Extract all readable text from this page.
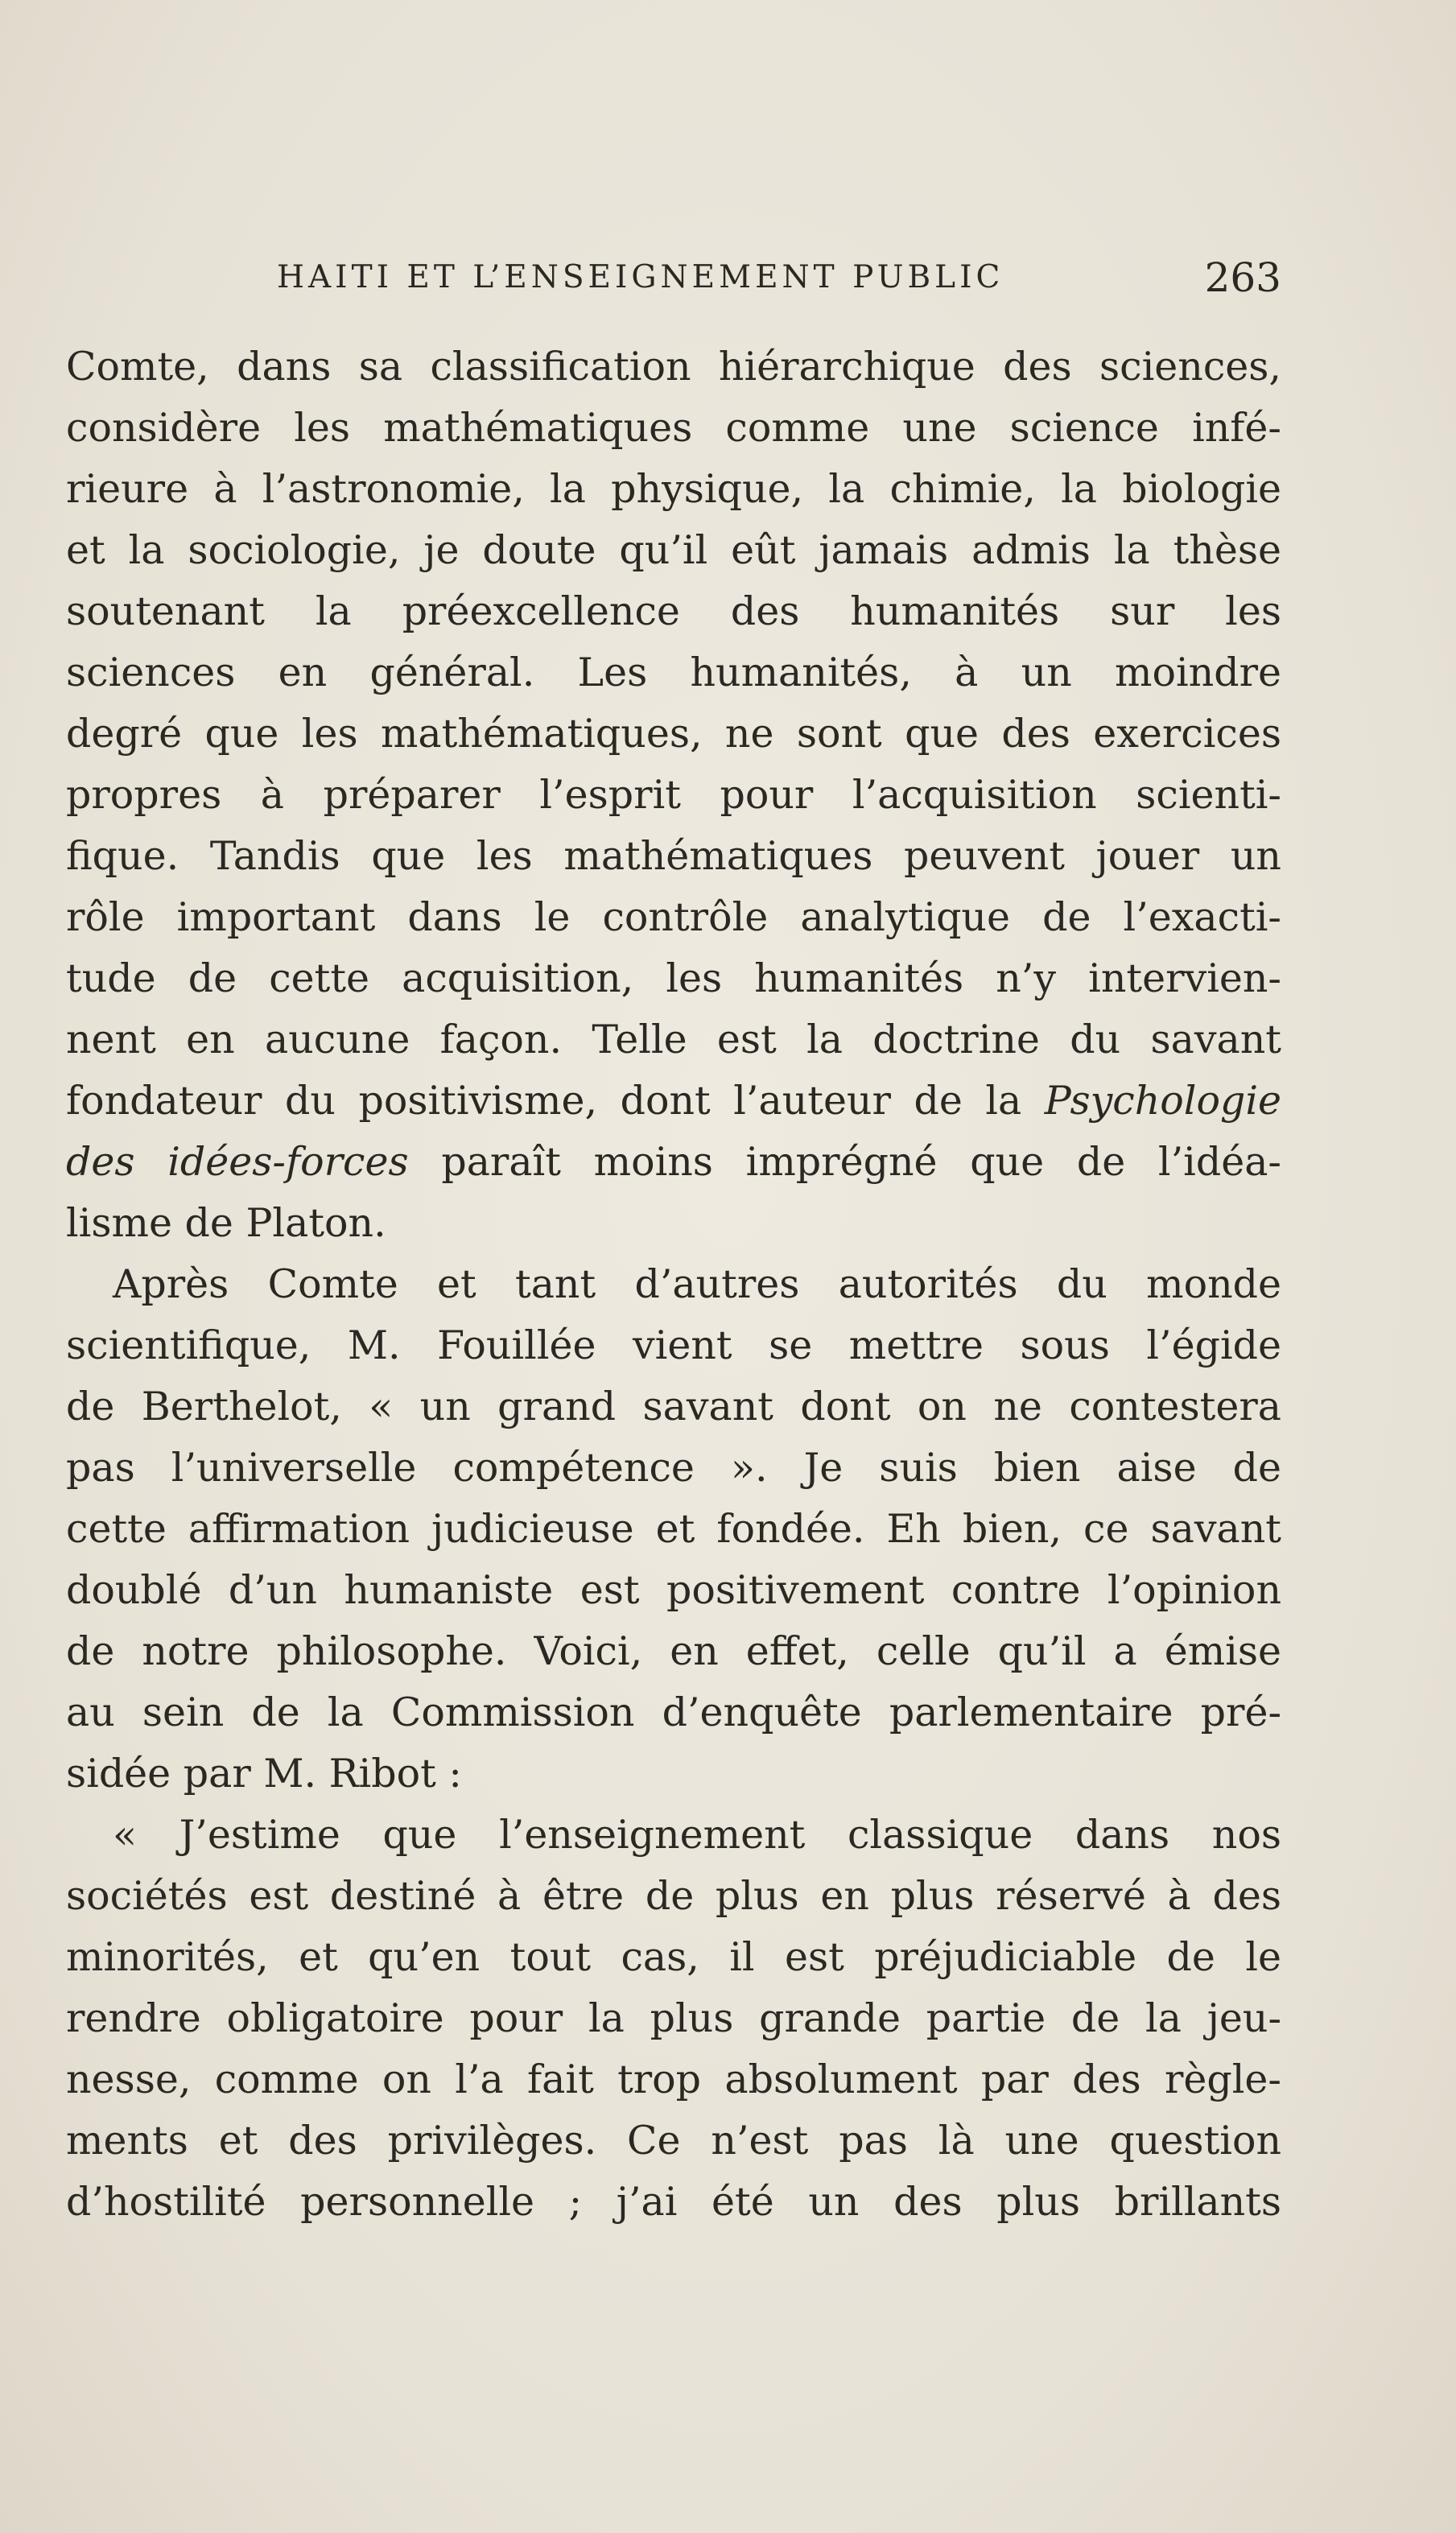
HAITI ET L’ENSEIGNEMENT PUBLIC	263
Comte, dans sa classification hiérarchique des sciences,
considère les mathématiques comme une science infé-
rieure à l’astronomie, la physique, la chimie, la biologie
et la sociologie, je doute qu’il eût jamais admis la thèse
soutenant la préexcellence des humanités sur les
sciences en général. Les humanités, à un moindre
degré que les mathématiques, ne sont que des exercices
propres à préparer l’esprit pour l’acquisition scienti-
fique. Tandis que les mathématiques peuvent jouer un
rôle important dans le contrôle analytique de l’exacti-
tude de cette acquisition, les humanités n’y intervien-
nent en aucune façon. Telle est la doctrine du savant
fondateur du positivisme, dont l’auteur de la Psychologie
des idées-forces paraît moins imprégné que de l’idéa-
lisme de Platon.
Après Comte et tant d’autres autorités du monde
scientifique, M. Fouillée vient se mettre sous l’égide
de Berthelot, « un grand savant dont on ne contestera
pas l’universelle compétence ». Je suis bien aise de
cette affirmation judicieuse et fondée. Eh bien, ce savant
doublé d’un humaniste est positivement contre l’opinion
de notre philosophe. Voici, en effet, celle qu’il a émise
au sein de la Commission d’enquête parlementaire pré-
sidée par M. Ribot :
« J’estime que l’enseignement classique dans nos
sociétés est destiné à être de plus en plus réservé à des
minorités, et qu’en tout cas, il est préjudiciable de le
rendre obligatoire pour la plus grande partie de la jeu-
nesse, comme on l’a fait trop absolument par des règle-
ments et des privilèges. Ce n’est pas là une question
d’hostilité personnelle ; j’ai été un des plus brillants
